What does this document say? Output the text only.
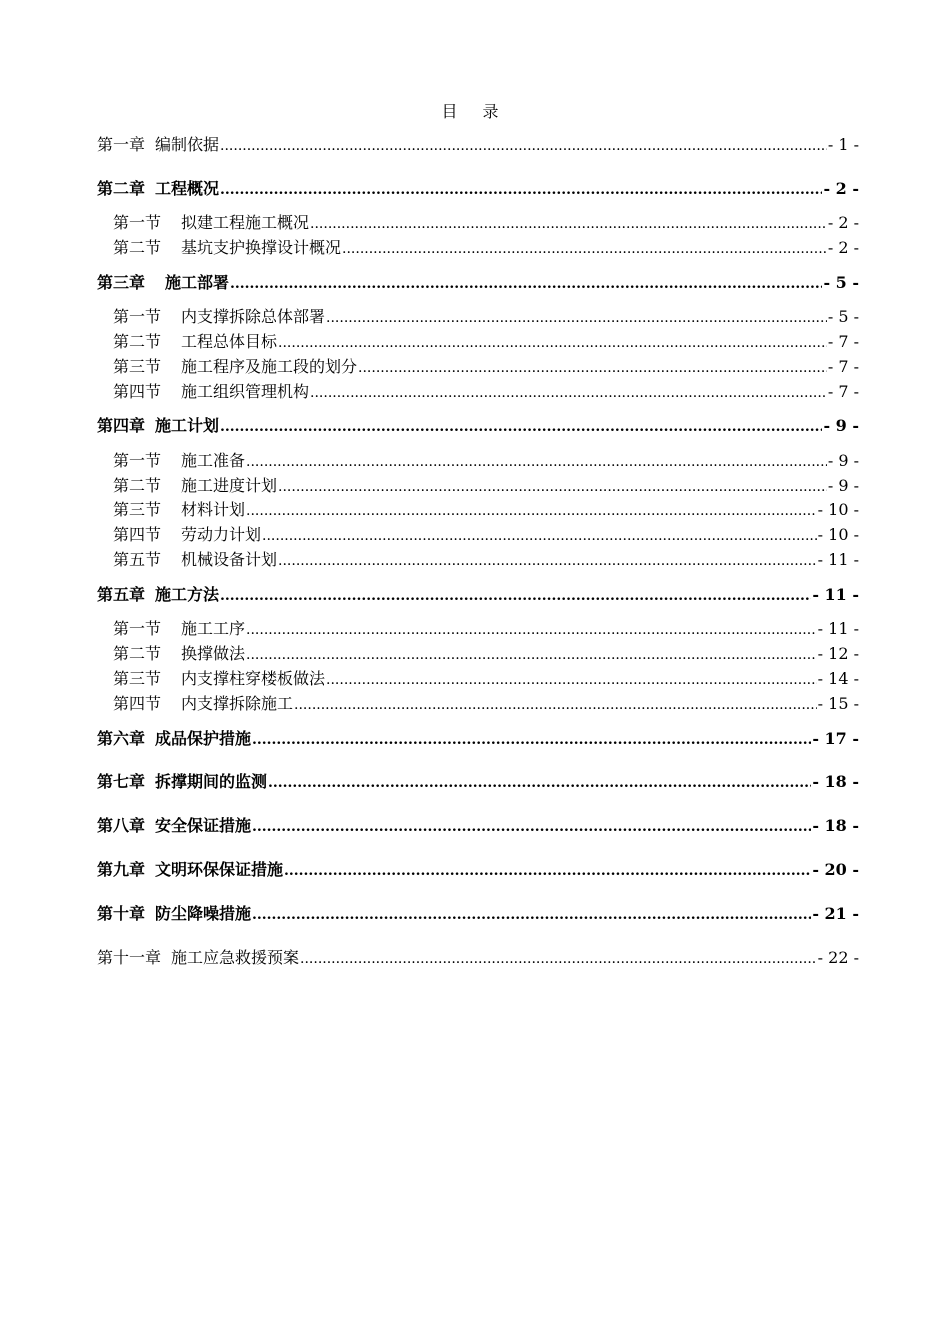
目 录
第一章 编制依据 .....	- 1 -
第二章 工程概况 .....	- 2 -
第一节 拟建工程施工概况 .....	- 2 -
第二节 基坑支护换撑设计概况 .....	- 2 -
第三章 施工部署 .....	- 5 -
第一节 内支撑拆除总体部署 .....	- 5 -
第二节 工程总体目标 .....	- 7 -
第三节 施工程序及施工段的划分 .....	- 7 -
第四节 施工组织管理机构 .....	- 7 -
第四章 施工计划 .....	- 9 -
第一节 施工准备 .....	- 9 -
第二节 施工进度计划 .....	- 9 -
第三节 材料计划 .....	- 10 -
第四节 劳动力计划 .....	- 10 -
第五节 机械设备计划 .....	- 11 -
第五章 施工方法 .....	- 11 -
第一节 施工工序 .....	- 11 -
第二节 换撑做法 .....	- 12 -
第三节 内支撑柱穿楼板做法 .....	- 14 -
第四节 内支撑拆除施工 .....	- 15 -
第六章 成品保护措施 .....	- 17 -
第七章 拆撑期间的监测 .....	- 18 -
第八章 安全保证措施 .....	- 18 -
第九章 文明环保保证措施 .....	- 20 -
第十章 防尘降噪措施 .....	- 21 -
第十一章 施工应急救援预案 .....	- 22 -
